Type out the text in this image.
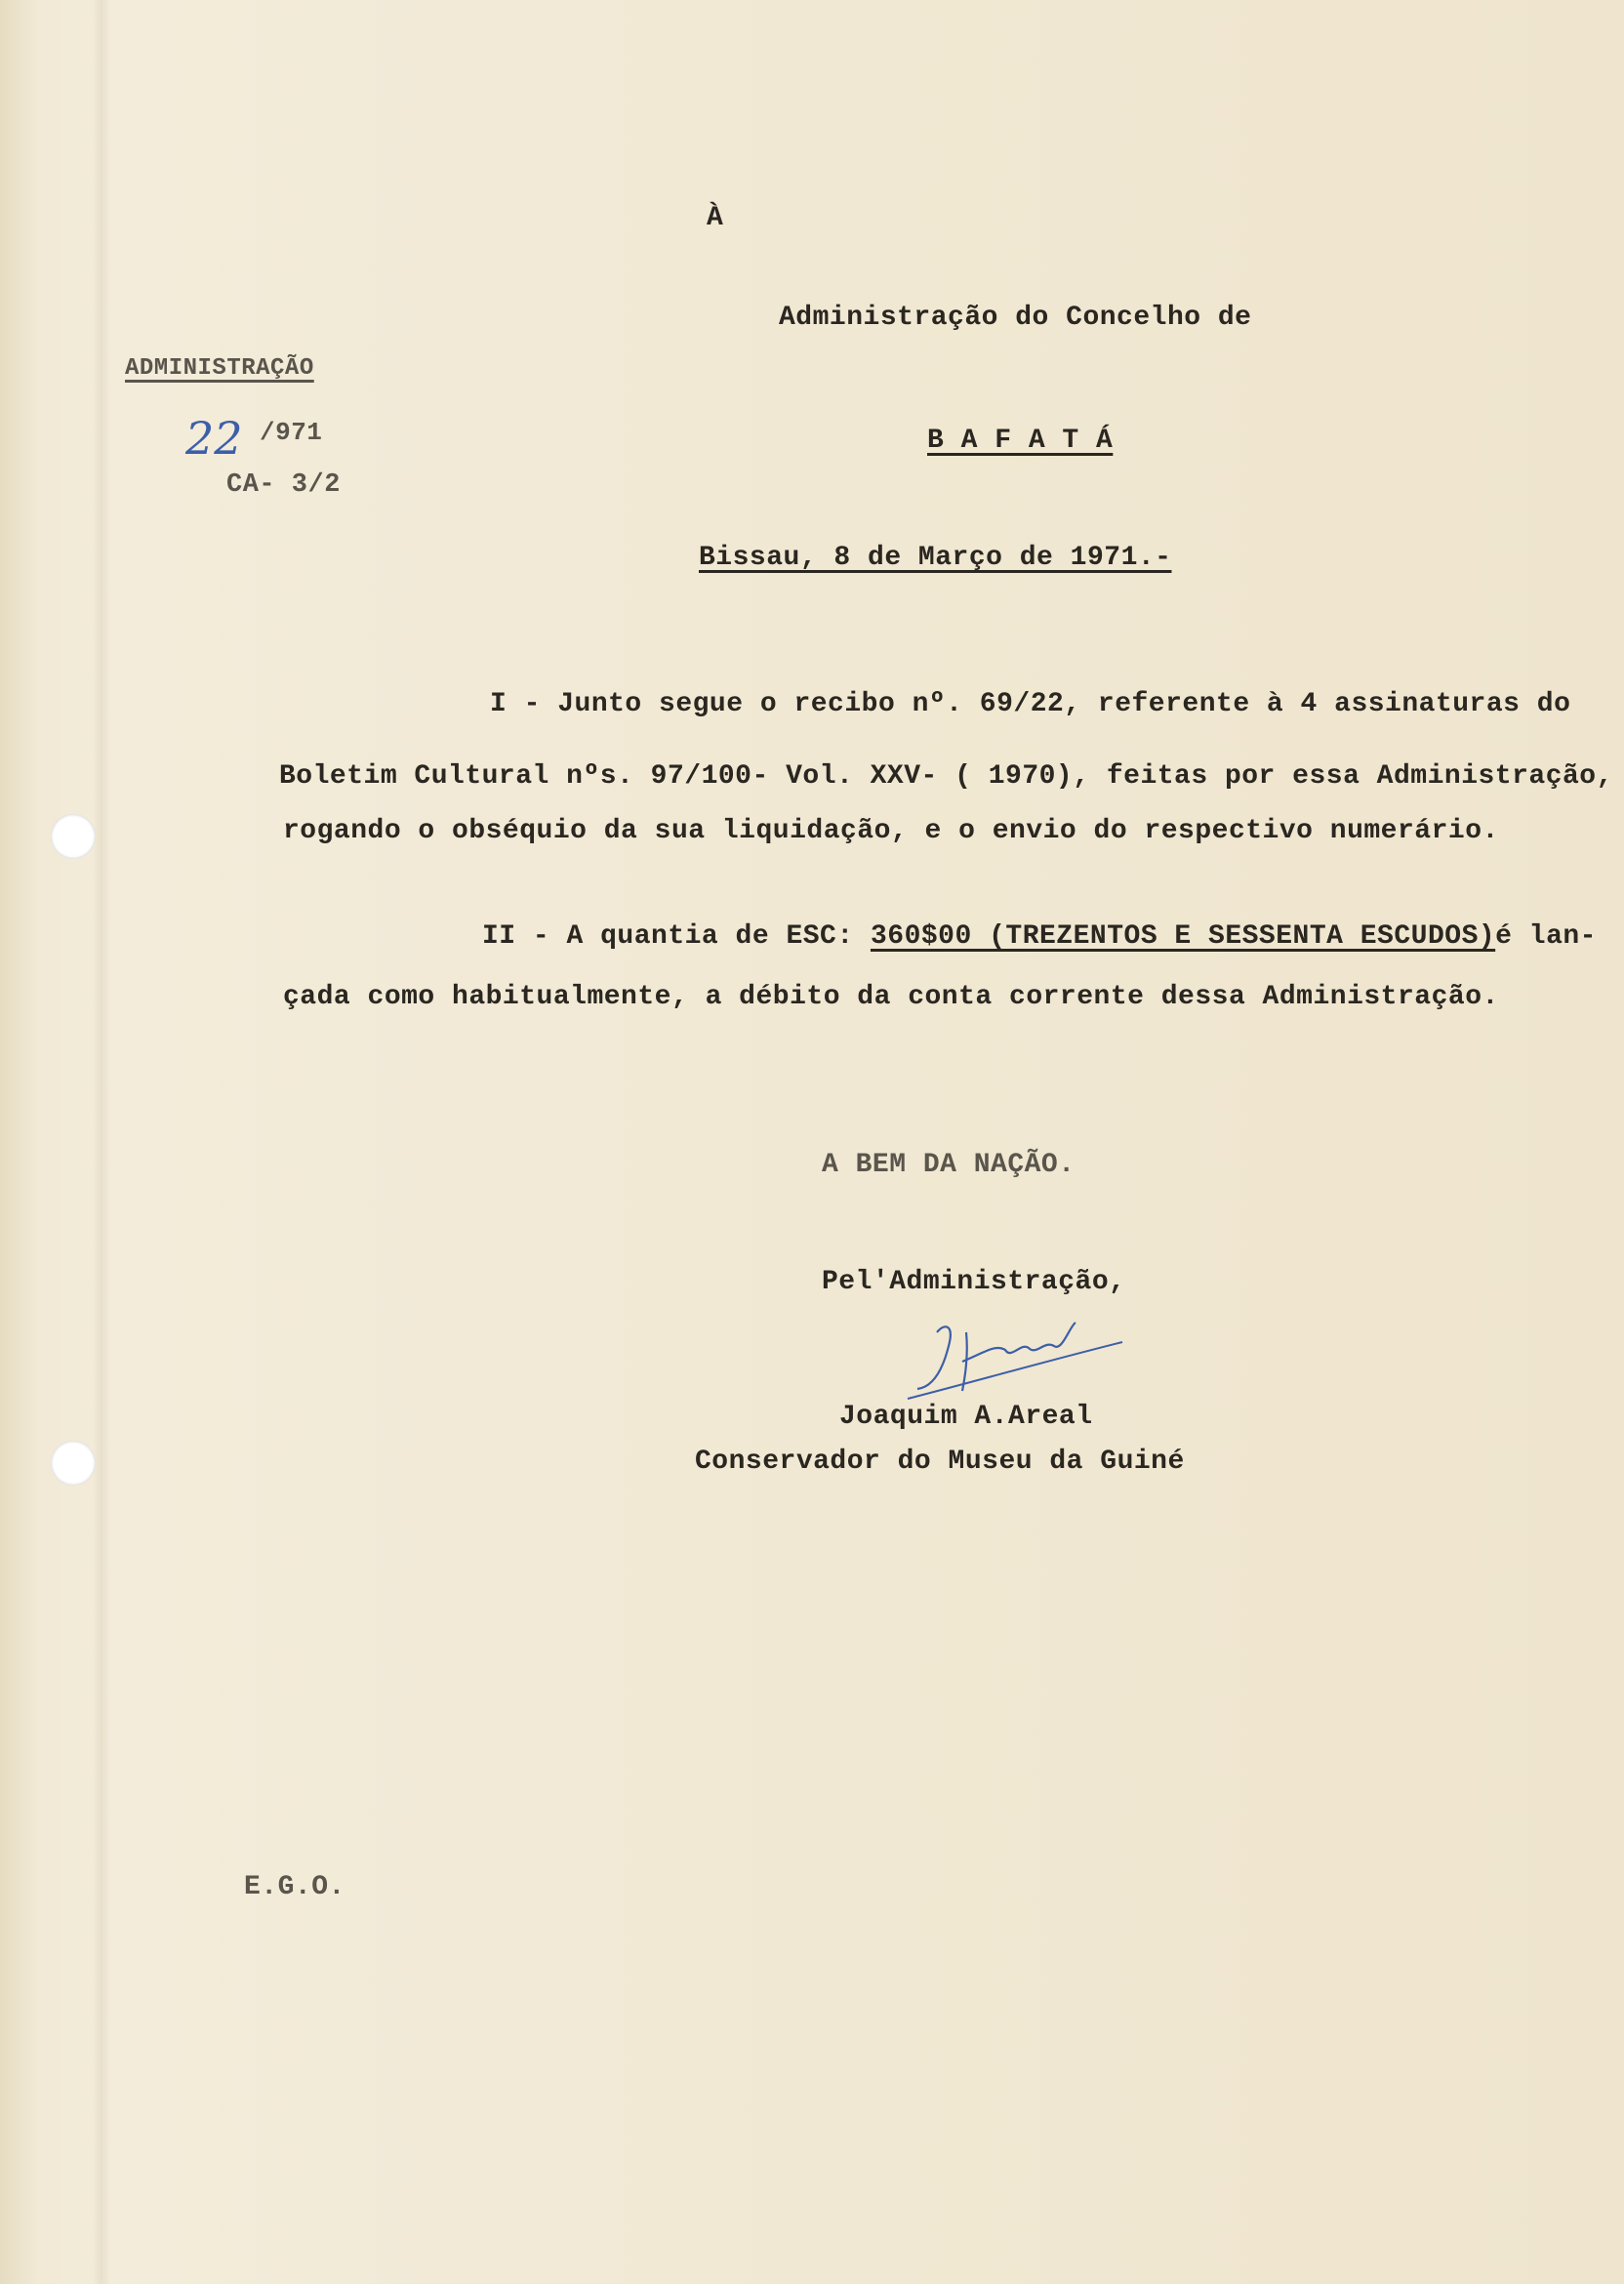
À
Administração do Concelho de
B A F A T Á
ADMINISTRAÇÃO
22 /971
CA- 3/2
Bissau, 8 de Março de 1971.-
I - Junto segue o recibo nº. 69/22, referente à 4 assinaturas do
Boletim Cultural nºs. 97/100- Vol. XXV- ( 1970), feitas por essa Administração,
rogando o obséquio da sua liquidação, e o envio do respectivo numerário.
II - A quantia de ESC: 360$00 (TREZENTOS E SESSENTA ESCUDOS)é lan-
çada como habitualmente, a débito da conta corrente dessa Administração.
A BEM DA NAÇÃO.
Pel'Administração,
Joaquim A.Areal
Conservador do Museu da Guiné
E.G.O.
